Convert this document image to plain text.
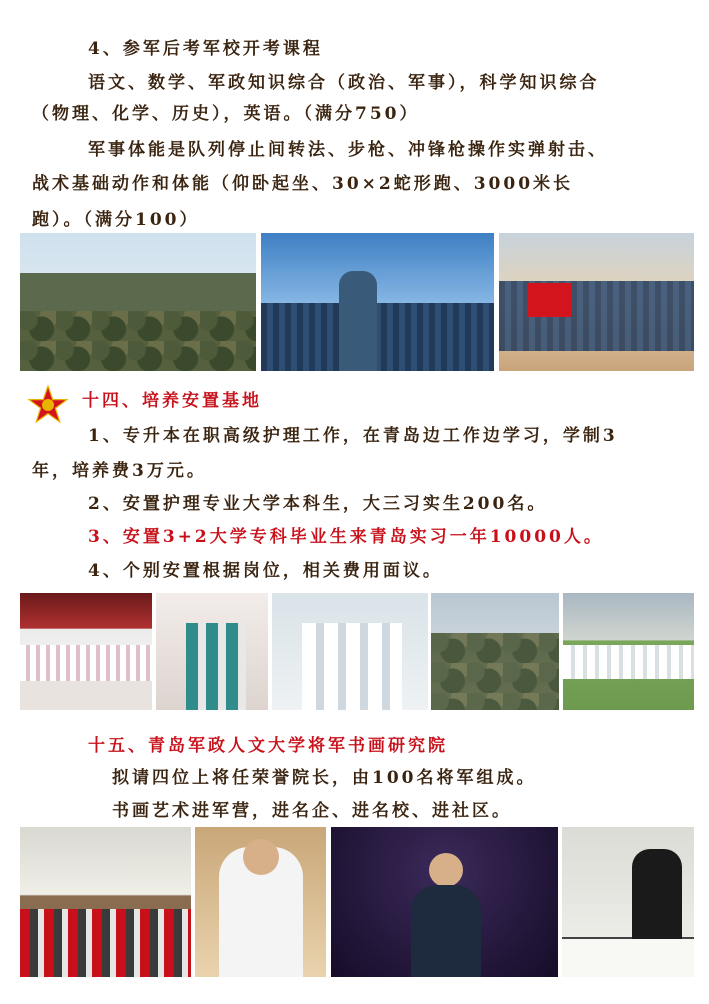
4、参军后考军校开考课程
语文、数学、军政知识综合（政治、军事），科学知识综合
（物理、化学、历史），英语。（满分750）
军事体能是队列停止间转法、步枪、冲锋枪操作实弹射击、
战术基础动作和体能（仰卧起坐、30×2蛇形跑、3000米长
跑）。（满分100）
十四、培养安置基地
1、专升本在职高级护理工作，在青岛边工作边学习，学制3
年，培养费3万元。
2、安置护理专业大学本科生，大三习实生200名。
3、安置3+2大学专科毕业生来青岛实习一年10000人。
4、个别安置根据岗位，相关费用面议。
十五、青岛军政人文大学将军书画研究院
拟请四位上将任荣誉院长，由100名将军组成。
书画艺术进军营，进名企、进名校、进社区。
